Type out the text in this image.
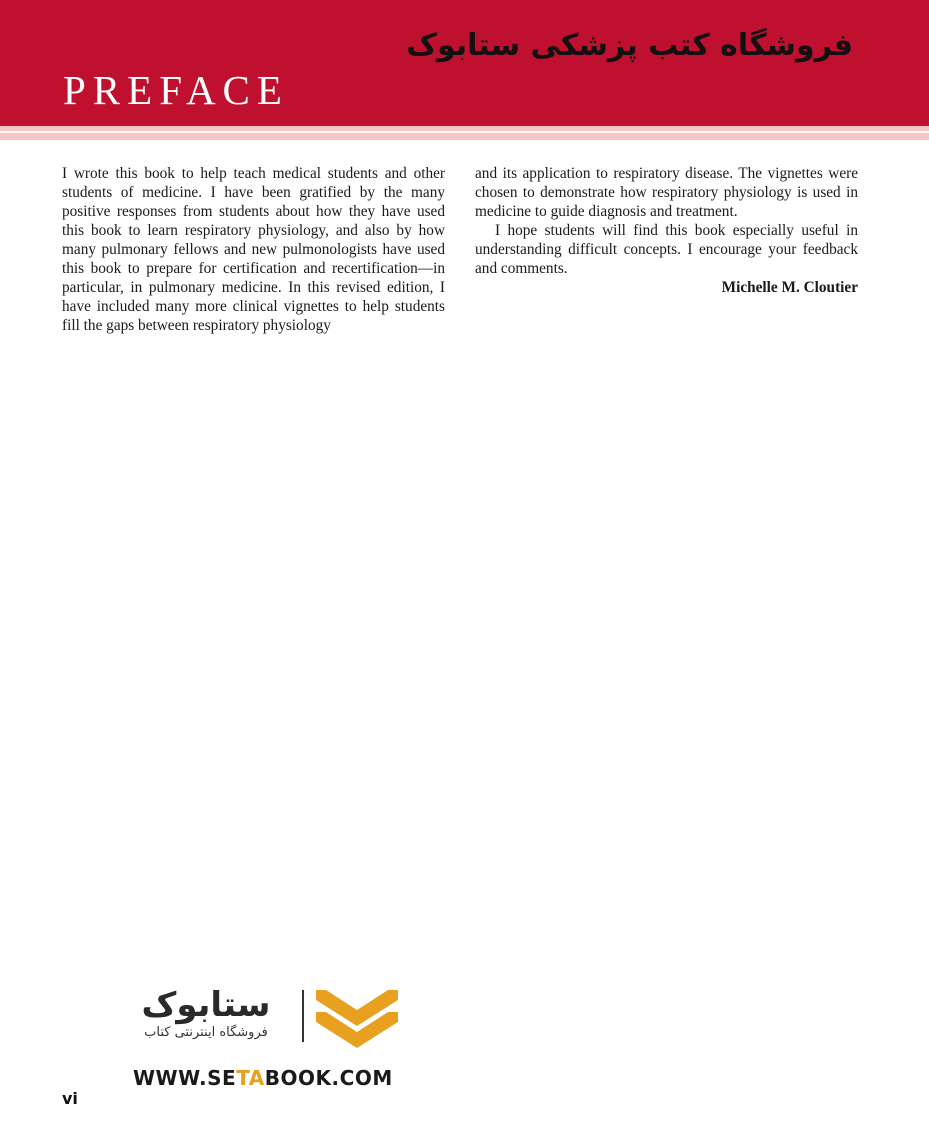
فروشگاه کتب پزشکی ستابوک
PREFACE

I wrote this book to help teach medical students and other students of medicine. I have been gratified by the many positive responses from students about how they have used this book to learn respiratory physiology, and also by how many pulmonary fellows and new pulmonologists have used this book to prepare for certification and recertification—in particular, in pulmonary medicine. In this revised edition, I have included many more clinical vignettes to help students fill the gaps between respiratory physiology

and its application to respiratory disease. The vignettes were chosen to demonstrate how respiratory physiology is used in medicine to guide diagnosis and treatment.

I hope students will find this book especially useful in understanding difficult concepts. I encourage your feedback and comments.

Michelle M. Cloutier

ستابوک
فروشگاه اینترنتی کتاب
WWW.SETABOOK.COM
vi
